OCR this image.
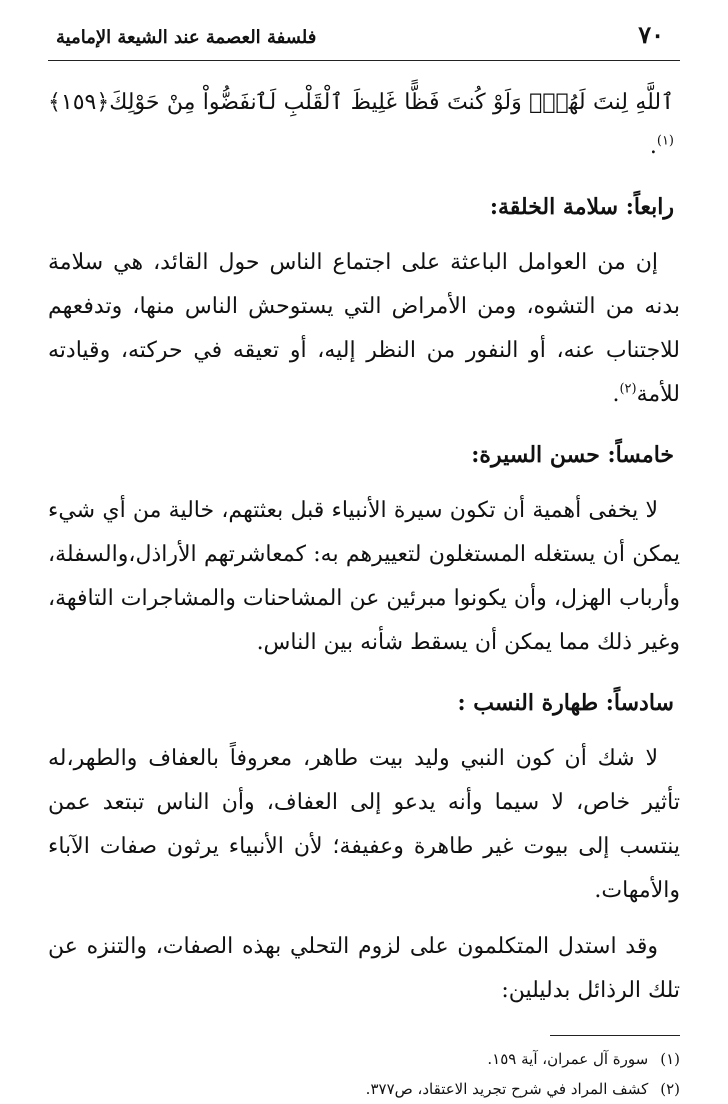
٧٠
فلسفة العصمة عند الشيعة الإمامية
ٱللَّهِ لِنتَ لَهُمْۖ وَلَوْ كُنتَ فَظًّا غَلِيظَ ٱلْقَلْبِ لَٱنفَضُّواْ مِنْ حَوْلِكَ﴿١٥٩﴾$^{(١)}$.
رابعاً: سلامة الخلقة:

إن من العوامل الباعثة على اجتماع الناس حول القائد، هي سلامة بدنه من التشوه، ومن الأمراض التي يستوحش الناس منها، وتدفعهم للاجتناب عنه، أو النفور من النظر إليه، أو تعيقه في حركته، وقيادته للأمة$^{(٢)}$.

خامساً: حسن السيرة:

لا يخفى أهمية أن تكون سيرة الأنبياء قبل بعثتهم، خالية من أي شيء يمكن أن يستغله المستغلون لتعييرهم به: كمعاشرتهم الأراذل،والسفلة، وأرباب الهزل، وأن يكونوا مبرئين عن المشاحنات والمشاجرات التافهة، وغير ذلك مما يمكن أن يسقط شأنه بين الناس.

سادساً: طهارة النسب :

لا شك أن كون النبي وليد بيت طاهر، معروفاً بالعفاف والطهر،له تأثير خاص، لا سيما وأنه يدعو إلى العفاف، وأن الناس تبتعد عمن ينتسب إلى بيوت غير طاهرة وعفيفة؛ لأن الأنبياء يرثون صفات الآباء والأمهات.

وقد استدل المتكلمون على لزوم التحلي بهذه الصفات، والتنزه عن تلك الرذائل بدليلين:

(١)
سورة آل عمران، آية ١٥٩.
(٢)
كشف المراد في شرح تجريد الاعتقاد، ص٣٧٧.
